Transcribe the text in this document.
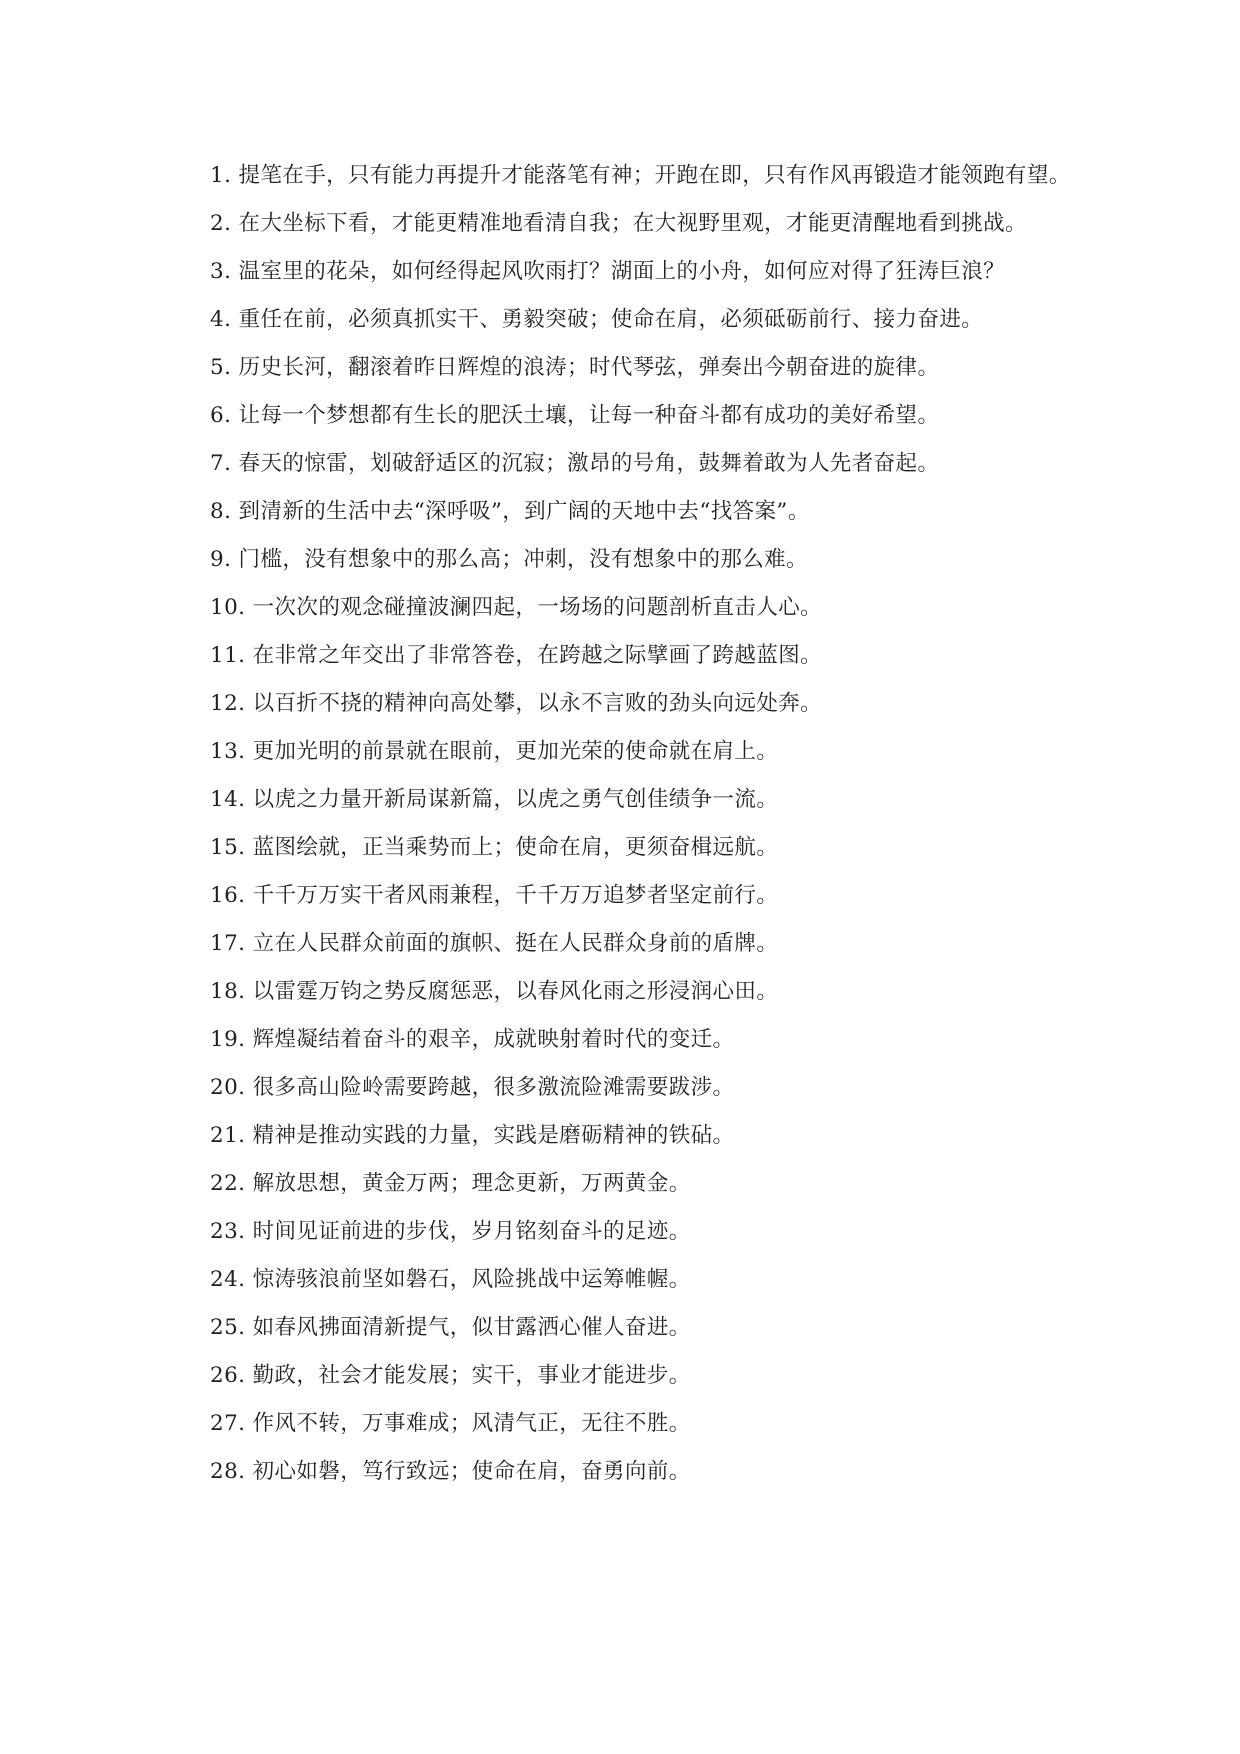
1. 提笔在手，只有能力再提升才能落笔有神；开跑在即，只有作风再锻造才能领跑有望。

2. 在大坐标下看，才能更精准地看清自我；在大视野里观，才能更清醒地看到挑战。

3. 温室里的花朵，如何经得起风吹雨打？湖面上的小舟，如何应对得了狂涛巨浪？

4. 重任在前，必须真抓实干、勇毅突破；使命在肩，必须砥砺前行、接力奋进。

5. 历史长河，翻滚着昨日辉煌的浪涛；时代琴弦，弹奏出今朝奋进的旋律。

6. 让每一个梦想都有生长的肥沃土壤，让每一种奋斗都有成功的美好希望。

7. 春天的惊雷，划破舒适区的沉寂；激昂的号角，鼓舞着敢为人先者奋起。

8. 到清新的生活中去“深呼吸”，到广阔的天地中去“找答案”。

9. 门槛，没有想象中的那么高；冲刺，没有想象中的那么难。

10. 一次次的观念碰撞波澜四起，一场场的问题剖析直击人心。

11. 在非常之年交出了非常答卷，在跨越之际擘画了跨越蓝图。

12. 以百折不挠的精神向高处攀，以永不言败的劲头向远处奔。

13. 更加光明的前景就在眼前，更加光荣的使命就在肩上。

14. 以虎之力量开新局谋新篇，以虎之勇气创佳绩争一流。

15. 蓝图绘就，正当乘势而上；使命在肩，更须奋楫远航。

16. 千千万万实干者风雨兼程，千千万万追梦者坚定前行。

17. 立在人民群众前面的旗帜、挺在人民群众身前的盾牌。

18. 以雷霆万钧之势反腐惩恶，以春风化雨之形浸润心田。

19. 辉煌凝结着奋斗的艰辛，成就映射着时代的变迁。

20. 很多高山险岭需要跨越，很多激流险滩需要跋涉。

21. 精神是推动实践的力量，实践是磨砺精神的铁砧。

22. 解放思想，黄金万两；理念更新，万两黄金。

23. 时间见证前进的步伐，岁月铭刻奋斗的足迹。

24. 惊涛骇浪前坚如磐石，风险挑战中运筹帷幄。

25. 如春风拂面清新提气，似甘露洒心催人奋进。

26. 勤政，社会才能发展；实干，事业才能进步。

27. 作风不转，万事难成；风清气正，无往不胜。

28. 初心如磐，笃行致远；使命在肩，奋勇向前。
